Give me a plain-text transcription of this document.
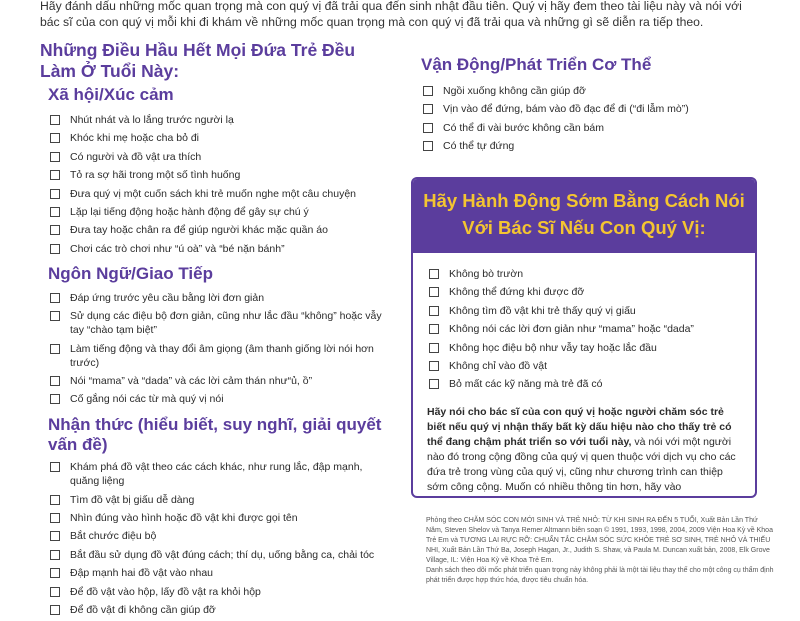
Hãy đánh dấu những mốc quan trọng mà con quý vị đã trải qua đến sinh nhật đầu tiên. Quý vị hãy đem theo tài liệu này và nói với
bác sĩ của con quý vị mỗi khi đi khám về những mốc quan trọng mà con quý vị đã trải qua và những gì sẽ diễn ra tiếp theo.
Những Điều Hầu Hết Mọi Đứa Trẻ Đều Làm Ở Tuổi Này:
Xã hội/Xúc cảm
Nhút nhát và lo lắng trước người lạ
Khóc khi mẹ hoặc cha bỏ đi
Có người và đồ vật ưa thích
Tỏ ra sợ hãi trong một số tình huống
Đưa quý vị một cuốn sách khi trẻ muốn nghe một câu chuyện
Lặp lại tiếng động hoặc hành động để gây sự chú ý
Đưa tay hoặc chân ra để giúp người khác mặc quần áo
Chơi các trò chơi như “ú oà” và “bé nặn bánh”
Ngôn Ngữ/Giao Tiếp
Đáp ứng trước yêu cầu bằng lời đơn giản
Sử dụng các điệu bộ đơn giản, cũng như lắc đầu “không” hoặc vẫy tay “chào tạm biệt”
Làm tiếng động và thay đổi âm giọng (âm thanh giống lời nói hơn trước)
Nói “mama” và “dada” và các lời cảm thán như“ủ, ồ”
Cố gắng nói các từ mà quý vị nói
Nhận thức (hiểu biết, suy nghĩ, giải quyết vấn đề)
Khám phá đồ vật theo các cách khác, như rung lắc, đập mạnh, quăng liệng
Tìm đồ vật bị giấu dễ dàng
Nhìn đúng vào hình hoặc đồ vật khi được gọi tên
Bắt chước điệu bộ
Bắt đầu sử dụng đồ vật đúng cách; thí dụ, uống bằng ca, chải tóc
Đập mạnh hai đồ vật vào nhau
Để đồ vật vào hộp, lấy đồ vật ra khỏi hộp
Để đồ vật đi không cần giúp đỡ
Vận Động/Phát Triển Cơ Thể
Ngồi xuống không cần giúp đỡ
Vịn vào để đứng, bám vào đồ đạc để đi (“đi lẫm mò”)
Có thể đi vài bước không cần bám
Có thể tự đứng
Hãy Hành Động Sớm Bằng Cách Nói Với Bác Sĩ Nếu Con Quý Vị:
Không bò trườn
Không thể đứng khi được đỡ
Không tìm đồ vật khi trẻ thấy quý vị giấu
Không nói các lời đơn giản như “mama” hoặc “dada”
Không học điệu bộ như vẫy tay hoặc lắc đầu
Không chỉ vào đồ vật
Bỏ mất các kỹ năng mà trẻ đã có
Hãy nói cho bác sĩ của con quý vị hoặc người chăm sóc trẻ biết nếu quý vị nhận thấy bất kỳ dấu hiệu nào cho thấy trẻ có thể đang chậm phát triển so với tuổi này, và nói với một người nào đó trong cộng đồng của quý vị quen thuộc với dịch vụ cho các đứa trẻ trong vùng của quý vị, cũng như chương trình can thiệp sớm công cộng. Muốn có nhiều thông tin hơn, hãy vào
Phỏng theo CHĂM SÓC CON MỚI SINH VÀ TRẺ NHỎ: TỪ KHI SINH RA ĐẾN 5 TUỔI, Xuất Bản Lần Thứ Năm, Steven Shelov và Tanya Remer Altmann biên soạn © 1991, 1993, 1998, 2004, 2009 Viện Hoa Kỳ về Khoa Trẻ Em và TƯƠNG LAI RỰC RỠ: CHUẨN TẮC CHĂM SÓC SỨC KHỎE TRẺ SƠ SINH, TRẺ NHỎ VÀ THIẾU NHI, Xuất Bản Lần Thứ Ba, Joseph Hagan, Jr., Judith S. Shaw, và Paula M. Duncan xuất bản, 2008, Elk Grove Village, IL: Viện Hoa Kỳ về Khoa Trẻ Em.
Danh sách theo dõi mốc phát triển quan trọng này không phải là một tài liệu thay thế cho một công cụ thẩm định phát triển được hợp thức hóa, được tiêu chuẩn hóa.
